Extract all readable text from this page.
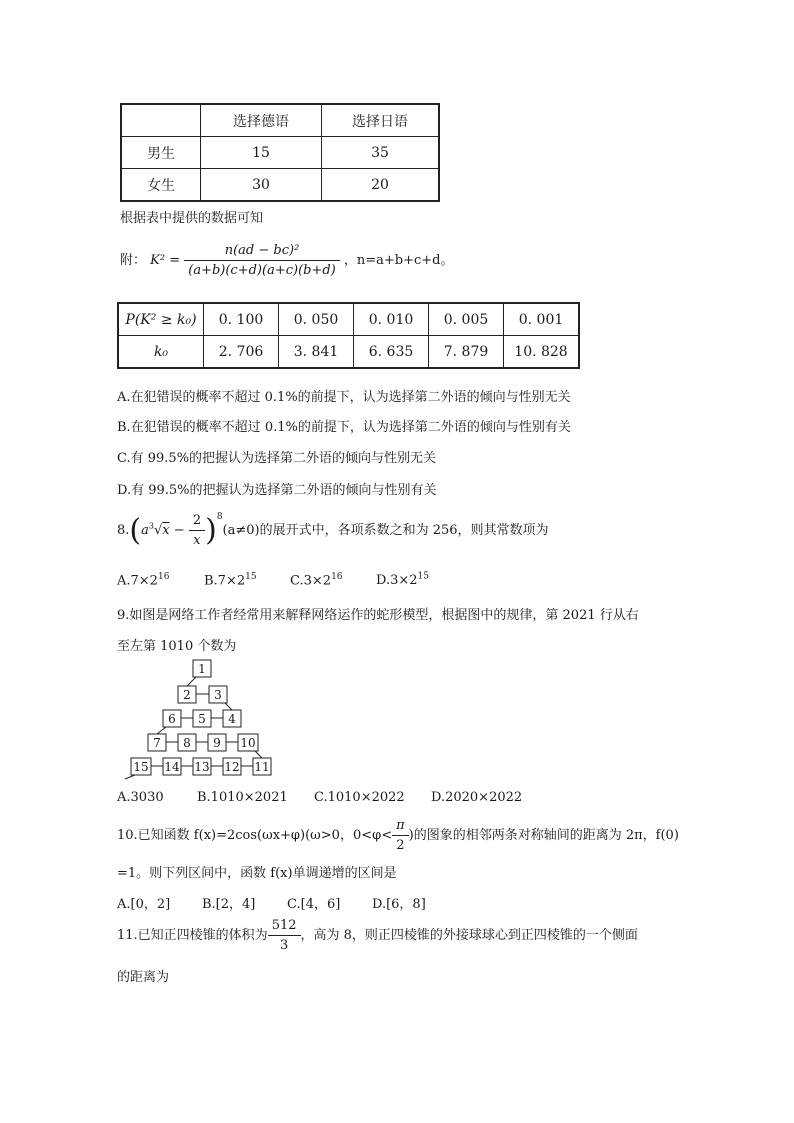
	选择德语	选择日语
男生	15	35
女生	30	20
根据表中提供的数据可知
附： $K^2 = \frac{\text{n(ad − bc)²}}{(a+b)(c+d)(a+c)(b+d)}$ ，n=a+b+c+d。
P(K² ≥ k₀)	0. 100	0. 050	0. 010	0. 005	0. 001
k₀	2. 706	3. 841	6. 635	7. 879	10. 828
A.在犯错误的概率不超过 0.1%的前提下，认为选择第二外语的倾向与性别无关
B.在犯错误的概率不超过 0.1%的前提下，认为选择第二外语的倾向与性别有关
C.有 99.5%的把握认为选择第二外语的倾向与性别无关
D.有 99.5%的把握认为选择第二外语的倾向与性别有关
$8.(a^3√x - \frac{2}{x} )^8(a\ne 0)$的展开式中，各项系数之和为 256，则其常数项为
$A.7\times 2^{16}$	$B.7\times 2^{15}$	$C.3\times 2^{16}$	$D.3\times 2^{15}$
9.如图是网络工作者经常用来解释网络运作的蛇形模型，根据图中的规律，第 2021 行从右
至左第 1010 个数为
1
2 3
6 5 4
7 8 9 10
15 14 13 12 11
A.3030	B.1010×2021 C.1010×2022 D.2020×2022
10.已知函数 f(x)=2cos(ωx+φ)(ω>0，$0<\varphi< \frac{\pi}{2}$ )的图象的相邻两条对称轴间的距离为 2π，f(0)
=1。则下列区间中，函数 f(x)单调递增的区间是
A.[0，2] B.[2，4] C.[4，6] D.[6，8]
11.已知正四棱锥的体积为 $\frac{512}{3}$ ，高为 8，则正四棱锥的外接球球心到正四棱锥的一个侧面
的距离为
